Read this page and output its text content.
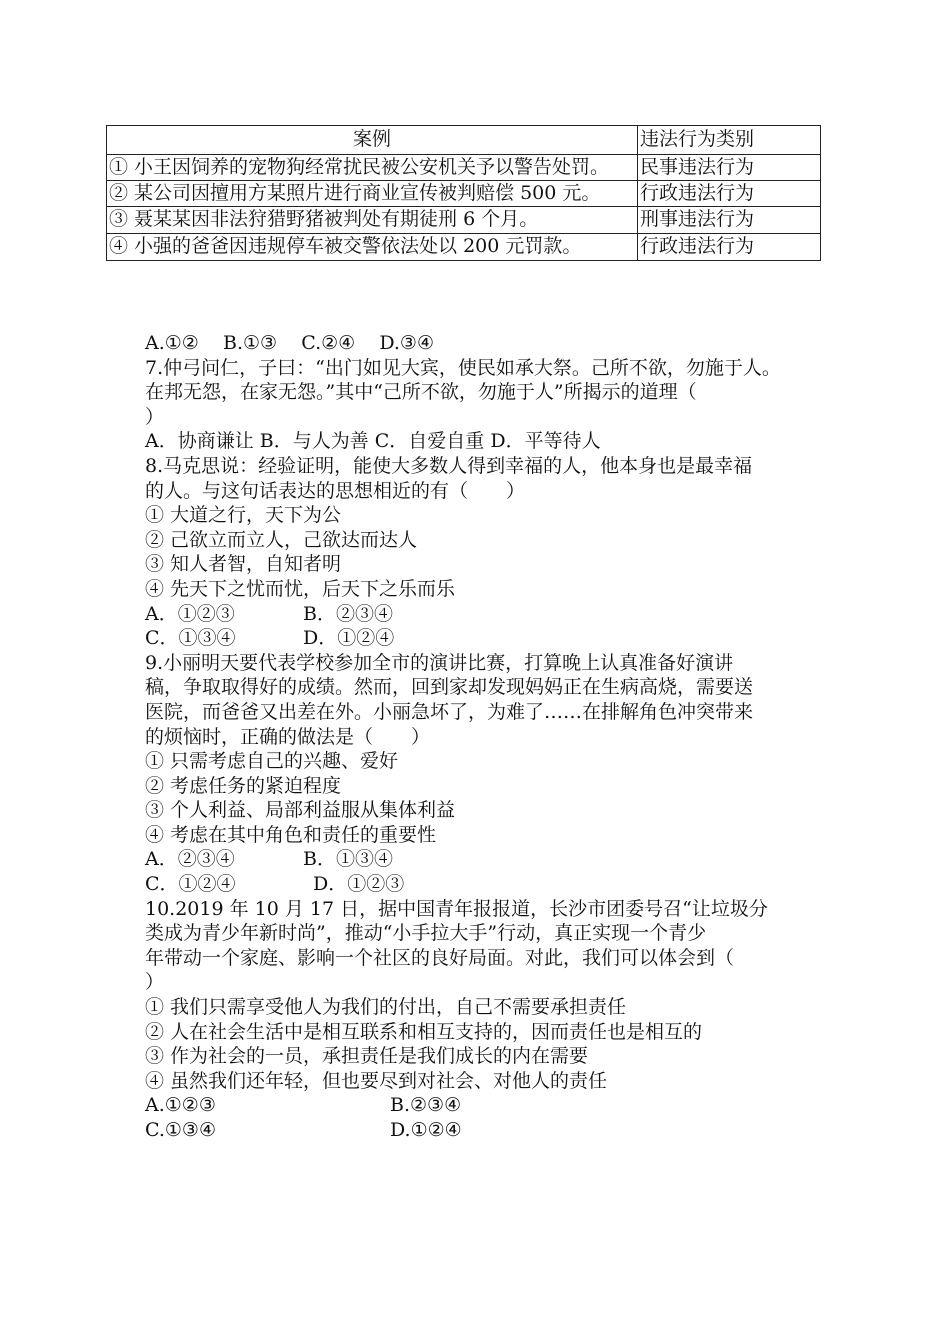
案例	违法行为类别
① 小王因饲养的宠物狗经常扰民被公安机关予以警告处罚。	民事违法行为
② 某公司因擅用方某照片进行商业宣传被判赔偿 500 元。	行政违法行为
③ 聂某某因非法狩猎野猪被判处有期徒刑 6 个月。	刑事违法行为
④ 小强的爸爸因违规停车被交警依法处以 200 元罚款。	行政违法行为
A.①②    B.①③    C.②④    D.③④
7.仲弓问仁，子曰：“出门如见大宾，使民如承大祭。己所不欲，勿施于人。
在邦无怨，在家无怨。”其中“己所不欲，勿施于人”所揭示的道理（
）
A．协商谦让 B．与人为善 C．自爱自重 D．平等待人
8.马克思说：经验证明，能使大多数人得到幸福的人，他本身也是最幸福
的人。与这句话表达的思想相近的有（　　）
① 大道之行，天下为公
② 己欲立而立人，己欲达而达人
③ 知人者智，自知者明
④ 先天下之忧而忧，后天下之乐而乐
A．①②③	B．②③④
C．①③④	D．①②④
9.小丽明天要代表学校参加全市的演讲比赛，打算晚上认真准备好演讲
稿，争取取得好的成绩。然而，回到家却发现妈妈正在生病高烧，需要送
医院，而爸爸又出差在外。小丽急坏了，为难了……在排解角色冲突带来
的烦恼时，正确的做法是（　　）
① 只需考虑自己的兴趣、爱好
② 考虑任务的紧迫程度
③ 个人利益、局部利益服从集体利益
④ 考虑在其中角色和责任的重要性
A．②③④	B．①③④
C．①②④	D．①②③
10.2019 年 10 月 17 日，据中国青年报报道，长沙市团委号召“让垃圾分
类成为青少年新时尚”，推动“小手拉大手”行动，真正实现一个青少
年带动一个家庭、影响一个社区的良好局面。对此，我们可以体会到（
）
① 我们只需享受他人为我们的付出，自己不需要承担责任
② 人在社会生活中是相互联系和相互支持的，因而责任也是相互的
③ 作为社会的一员，承担责任是我们成长的内在需要
④ 虽然我们还年轻，但也要尽到对社会、对他人的责任
A.①②③	B.②③④
C.①③④	D.①②④
